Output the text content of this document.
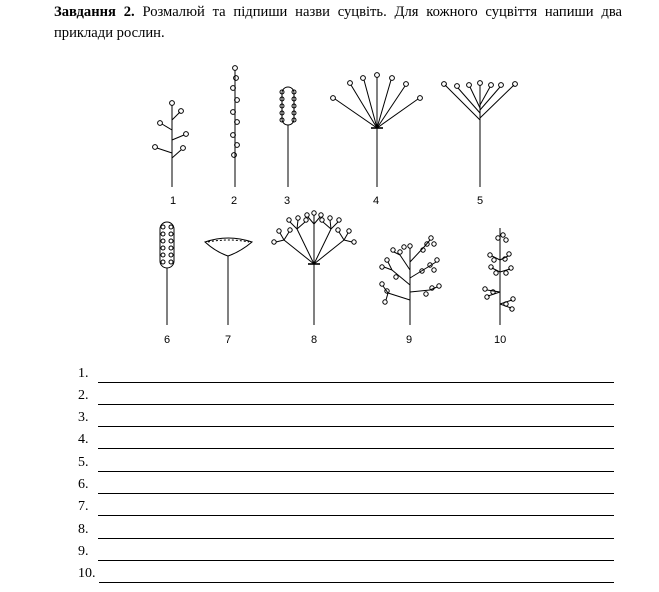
Завдання 2. Розмалюй та підпиши назви суцвіть. Для кожного суцвіття напиши два приклади рослин.
1	2	3	4	5
6	7	8	9	10
1.
2.
3.
4.
5.
6.
7.
8.
9.
10.
